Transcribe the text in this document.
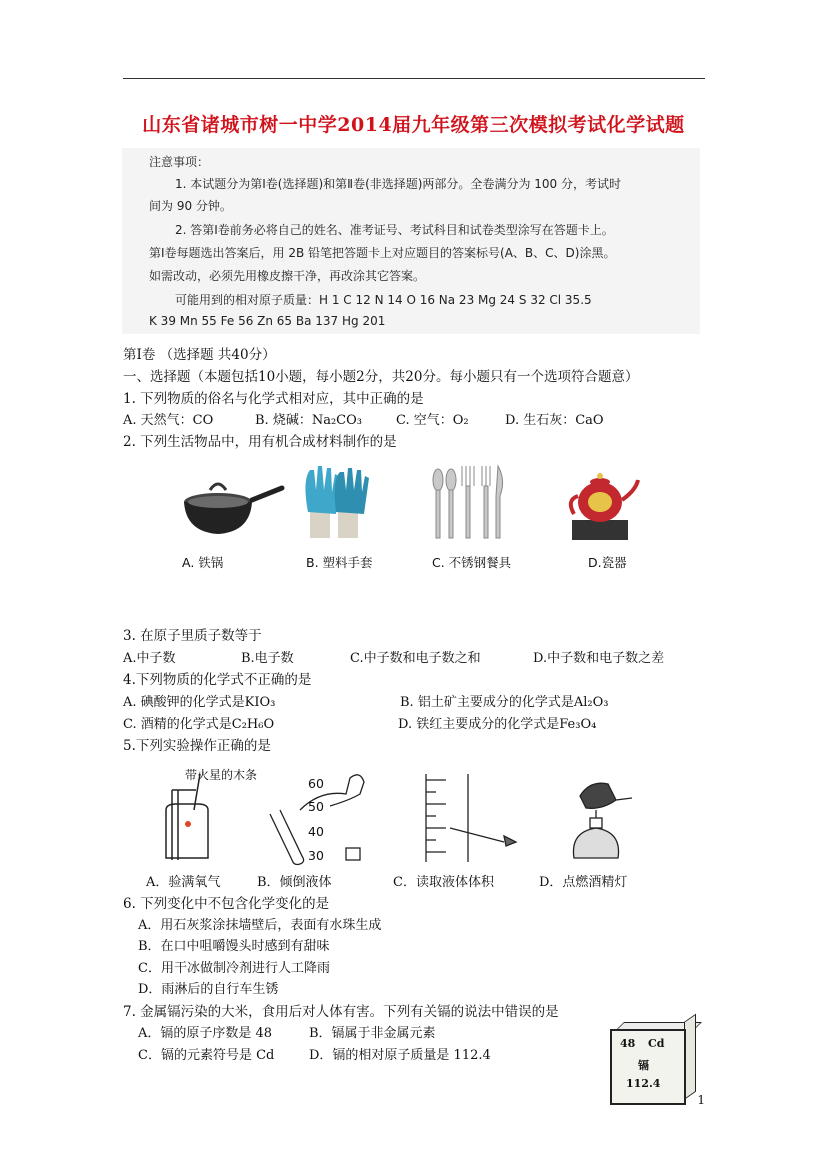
山东省诸城市树一中学2014届九年级第三次模拟考试化学试题
注意事项：
1. 本试题分为第Ⅰ卷(选择题)和第Ⅱ卷(非选择题)两部分。全卷满分为 100 分，考试时
间为 90 分钟。
2. 答第Ⅰ卷前务必将自己的姓名、准考证号、考试科目和试卷类型涂写在答题卡上。
第Ⅰ卷每题选出答案后，用 2B 铅笔把答题卡上对应题目的答案标号(A、B、C、D)涂黑。
如需改动，必须先用橡皮擦干净，再改涂其它答案。
可能用到的相对原子质量：H 1 C 12 N 14 O 16 Na 23 Mg 24 S 32 Cl 35.5
K 39 Mn 55 Fe 56 Zn 65 Ba 137 Hg 201
第Ⅰ卷 （选择题 共40分）
一、选择题（本题包括10小题，每小题2分，共20分。每小题只有一个选项符合题意）
1. 下列物质的俗名与化学式相对应，其中正确的是
A. 天然气：CO	B. 烧碱：Na₂CO₃	C. 空气：O₂	D. 生石灰：CaO
2. 下列生活物品中，用有机合成材料制作的是
A. 铁锅	B. 塑料手套	C. 不锈钢餐具	D.瓷器
3. 在原子里质子数等于
A.中子数	B.电子数	C.中子数和电子数之和	D.中子数和电子数之差
4.下列物质的化学式不正确的是
A. 碘酸钾的化学式是KIO₃	B. 铝土矿主要成分的化学式是Al₂O₃
C. 酒精的化学式是C₂H₆O	D. 铁红主要成分的化学式是Fe₃O₄
5.下列实验操作正确的是
带火星的木条
60
50
40
30
A．验满氧气	B．倾倒液体	C．读取液体体积	D．点燃酒精灯
6. 下列变化中不包含化学变化的是
A．用石灰浆涂抹墙壁后，表面有水珠生成
B．在口中咀嚼馒头时感到有甜味
C．用干冰做制冷剂进行人工降雨
D．雨淋后的自行车生锈
7. 金属镉污染的大米，食用后对人体有害。下列有关镉的说法中错误的是
A．镉的原子序数是 48	B．镉属于非金属元素
C．镉的元素符号是 Cd	D．镉的相对原子质量是 112.4
48 Cd
镉
112.4
1
